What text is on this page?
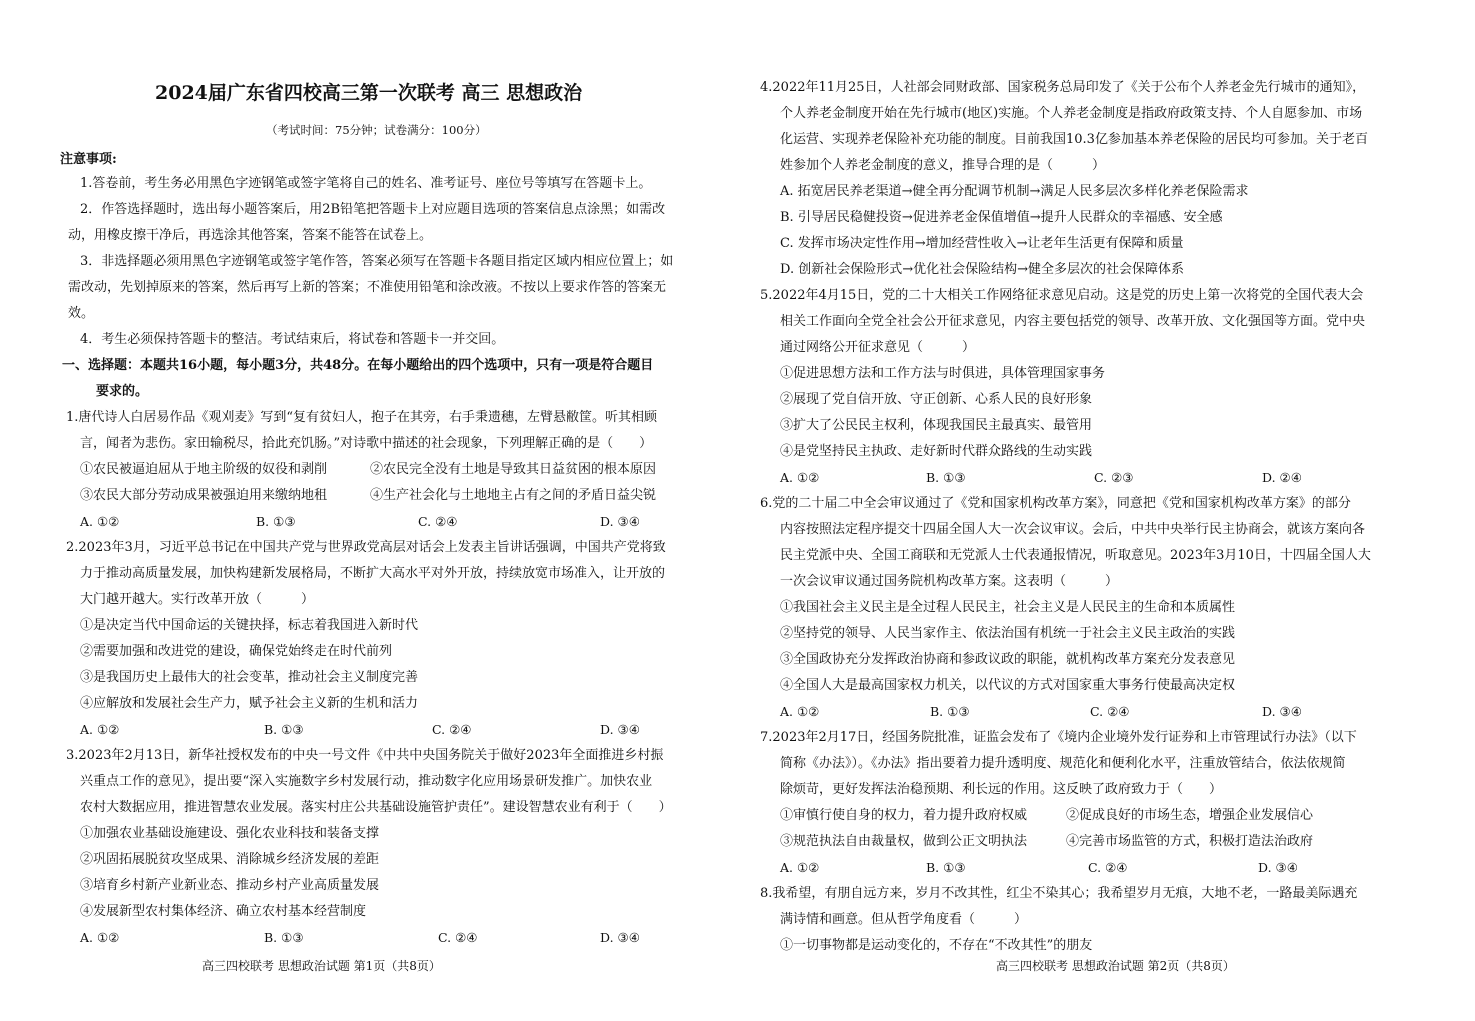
2024届广东省四校高三第一次联考 高三 思想政治
（考试时间：75分钟；试卷满分：100分）
注意事项:
1.答卷前，考生务必用黑色字迹钢笔或签字笔将自己的姓名、准考证号、座位号等填写在答题卡上。
2．作答选择题时，选出每小题答案后，用2B铅笔把答题卡上对应题目选项的答案信息点涂黑；如需改
动，用橡皮擦干净后，再选涂其他答案，答案不能答在试卷上。
3．非选择题必须用黑色字迹钢笔或签字笔作答，答案必须写在答题卡各题目指定区域内相应位置上；如
需改动，先划掉原来的答案，然后再写上新的答案；不准使用铅笔和涂改液。不按以上要求作答的答案无
效。
4．考生必须保持答题卡的整洁。考试结束后，将试卷和答题卡一并交回。
一、选择题：本题共16小题，每小题3分，共48分。在每小题给出的四个选项中，只有一项是符合题目
要求的。
1.唐代诗人白居易作品《观刈麦》写到“复有贫妇人，抱子在其旁，右手秉遗穗，左臂悬敝筐。听其相顾
言，闻者为悲伤。家田输税尽，拾此充饥肠。”对诗歌中描述的社会现象，下列理解正确的是（　　）
①农民被逼迫屈从于地主阶级的奴役和剥削	②农民完全没有土地是导致其日益贫困的根本原因
③农民大部分劳动成果被强迫用来缴纳地租	④生产社会化与土地地主占有之间的矛盾日益尖锐
A. ①②	B. ①③	C. ②④	D. ③④
2.2023年3月，习近平总书记在中国共产党与世界政党高层对话会上发表主旨讲话强调，中国共产党将致
力于推动高质量发展，加快构建新发展格局，不断扩大高水平对外开放，持续放宽市场准入，让开放的
大门越开越大。实行改革开放（　　　）
①是决定当代中国命运的关键抉择，标志着我国进入新时代
②需要加强和改进党的建设，确保党始终走在时代前列
③是我国历史上最伟大的社会变革，推动社会主义制度完善
④应解放和发展社会生产力，赋予社会主义新的生机和活力
A. ①②	B. ①③	C. ②④	D. ③④
3.2023年2月13日，新华社授权发布的中央一号文件《中共中央国务院关于做好2023年全面推进乡村振
兴重点工作的意见》，提出要“深入实施数字乡村发展行动，推动数字化应用场景研发推广。加快农业
农村大数据应用，推进智慧农业发展。落实村庄公共基础设施管护责任”。建设智慧农业有利于（　　）
①加强农业基础设施建设、强化农业科技和装备支撑
②巩固拓展脱贫攻坚成果、消除城乡经济发展的差距
③培育乡村新产业新业态、推动乡村产业高质量发展
④发展新型农村集体经济、确立农村基本经营制度
A. ①②	B. ①③	C. ②④	D. ③④
高三四校联考 思想政治试题 第1页（共8页）
4.2022年11月25日，人社部会同财政部、国家税务总局印发了《关于公布个人养老金先行城市的通知》，
个人养老金制度开始在先行城市(地区)实施。个人养老金制度是指政府政策支持、个人自愿参加、市场
化运营、实现养老保险补充功能的制度。目前我国10.3亿参加基本养老保险的居民均可参加。关于老百
姓参加个人养老金制度的意义，推导合理的是（　　　）
A. 拓宽居民养老渠道→健全再分配调节机制→满足人民多层次多样化养老保险需求
B. 引导居民稳健投资→促进养老金保值增值→提升人民群众的幸福感、安全感
C. 发挥市场决定性作用→增加经营性收入→让老年生活更有保障和质量
D. 创新社会保险形式→优化社会保险结构→健全多层次的社会保障体系
5.2022年4月15日，党的二十大相关工作网络征求意见启动。这是党的历史上第一次将党的全国代表大会
相关工作面向全党全社会公开征求意见，内容主要包括党的领导、改革开放、文化强国等方面。党中央
通过网络公开征求意见（　　　）
①促进思想方法和工作方法与时俱进，具体管理国家事务
②展现了党自信开放、守正创新、心系人民的良好形象
③扩大了公民民主权利，体现我国民主最真实、最管用
④是党坚持民主执政、走好新时代群众路线的生动实践
A. ①②	B. ①③	C. ②③	D. ②④
6.党的二十届二中全会审议通过了《党和国家机构改革方案》，同意把《党和国家机构改革方案》的部分
内容按照法定程序提交十四届全国人大一次会议审议。会后，中共中央举行民主协商会，就该方案向各
民主党派中央、全国工商联和无党派人士代表通报情况，听取意见。2023年3月10日，十四届全国人大
一次会议审议通过国务院机构改革方案。这表明（　　　）
①我国社会主义民主是全过程人民民主，社会主义是人民民主的生命和本质属性
②坚持党的领导、人民当家作主、依法治国有机统一于社会主义民主政治的实践
③全国政协充分发挥政治协商和参政议政的职能，就机构改革方案充分发表意见
④全国人大是最高国家权力机关，以代议的方式对国家重大事务行使最高决定权
A. ①②	B. ①③	C. ②④	D. ③④
7.2023年2月17日，经国务院批准，证监会发布了《境内企业境外发行证券和上市管理试行办法》（以下
简称《办法》）。《办法》指出要着力提升透明度、规范化和便利化水平，注重放管结合，依法依规简
除烦苛，更好发挥法治稳预期、利长远的作用。这反映了政府致力于（　　）
①审慎行使自身的权力，着力提升政府权威	②促成良好的市场生态，增强企业发展信心
③规范执法自由裁量权，做到公正文明执法	④完善市场监管的方式，积极打造法治政府
A. ①②	B. ①③	C. ②④	D. ③④
8.我希望，有朋自远方来，岁月不改其性，红尘不染其心；我希望岁月无痕，大地不老，一路最美际遇充
满诗情和画意。但从哲学角度看（　　　）
①一切事物都是运动变化的，不存在“不改其性”的朋友
高三四校联考 思想政治试题 第2页（共8页）
